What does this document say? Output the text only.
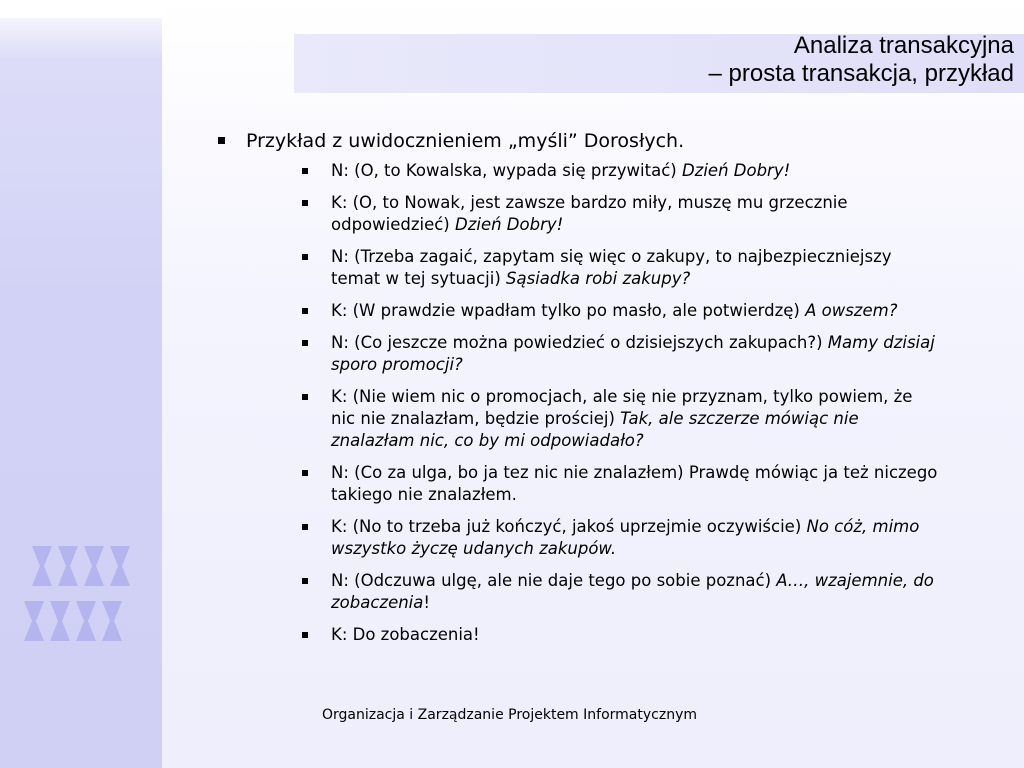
Analiza transakcyjna
– prosta transakcja, przykład
Przykład z uwidocznieniem „myśli” Dorosłych.
N: (O, to Kowalska, wypada się przywitać) Dzień Dobry!
K: (O, to Nowak, jest zawsze bardzo miły, muszę mu grzecznie odpowiedzieć) Dzień Dobry!
N: (Trzeba zagaić, zapytam się więc o zakupy, to najbezpieczniejszy temat w tej sytuacji) Sąsiadka robi zakupy?
K: (W prawdzie wpadłam tylko po masło, ale potwierdzę) A owszem?
N: (Co jeszcze można powiedzieć o dzisiejszych zakupach?) Mamy dzisiaj sporo promocji?
K: (Nie wiem nic o promocjach, ale się nie przyznam, tylko powiem, że nic nie znalazłam, będzie prościej) Tak, ale szczerze mówiąc nie znalazłam nic, co by mi odpowiadało?
N: (Co za ulga, bo ja tez nic nie znalazłem) Prawdę mówiąc ja też niczego takiego nie znalazłem.
K: (No to trzeba już kończyć, jakoś uprzejmie oczywiście) No cóż, mimo wszystko życzę udanych zakupów.
N: (Odczuwa ulgę, ale nie daje tego po sobie poznać) A…, wzajemnie, do zobaczenia!
K: Do zobaczenia!
Organizacja i Zarządzanie Projektem Informatycznym
